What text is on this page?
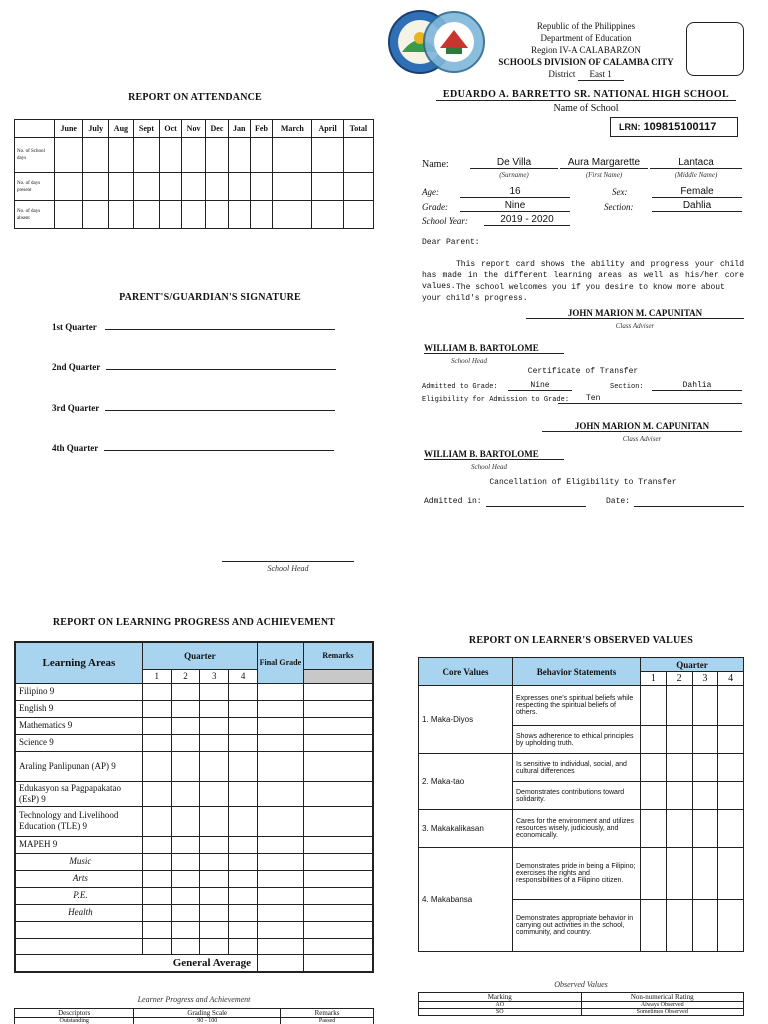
REPORT ON ATTENDANCE
	June	July	Aug	Sept	Oct	Nov	Dec	Jan	Feb	March	April	Total
No. of School days												
No. of days present												
No. of days absent												
PARENT'S/GUARDIAN'S SIGNATURE
1st Quarter
2nd Quarter
3rd Quarter
4th Quarter
School Head
Republic of the Philippines
Department of Education
Region IV-A CALABARZON
SCHOOLS DIVISION OF CALAMBA CITY
District East 1
EDUARDO A. BARRETTO SR. NATIONAL HIGH SCHOOL
Name of School
LRN: 109815100117
Name:	De Villa	Aura Margarette	Lantaca
(Surname)	(First Name)	(Middle Name)
Age:	16	Sex:	Female
Grade:	Nine	Section:	Dahlia
School Year:	2019 - 2020
Dear Parent:
This report card shows the ability and progress your child has made in the different learning areas as well as his/her core values. The school welcomes you if you desire to know more about your child's progress.
JOHN MARION M. CAPUNITAN
Class Adviser
WILLIAM B. BARTOLOME
School Head
Certificate of Transfer
Admitted to Grade:	Nine	Section:	Dahlia
Eligibility for Admission to Grade:	Ten
JOHN MARION M. CAPUNITAN
Class Adviser
WILLIAM B. BARTOLOME
School Head
Cancellation of Eligibility to Transfer
Admitted in:	Date:
REPORT ON LEARNING PROGRESS AND ACHIEVEMENT
Learning Areas	Quarter				Final Grade	Remarks
	1	2	3	4		
Filipino 9						
English 9						
Mathematics 9						
Science 9						
Araling Panlipunan (AP) 9						
Edukasyon sa Pagpapakatao (EsP) 9						
Technology and Livelihood Education (TLE) 9						
MAPEH 9						
Music						
Arts						
P.E.						
Health						

General Average						
Learner Progress and Achievement
Descriptors	Grading Scale	Remarks
Outstanding	90 - 100	Passed
REPORT ON LEARNER'S OBSERVED VALUES
Core Values	Behavior Statements	Quarter			
		1	2	3	4
1. Maka-Diyos	Expresses one's spiritual beliefs while respecting the spiritual beliefs of others.				
	Shows adherence to ethical principles by upholding truth.				
2. Maka-tao	Is sensitive to individual, social, and cultural differences				
	Demonstrates contributions toward solidarity.				
3. Makakalikasan	Cares for the environment and utilizes resources wisely, judiciously, and economically.				
4. Makabansa	Demonstrates pride in being a Filipino; exercises the rights and responsibilities of a Filipino citizen.				
	Demonstrates appropriate behavior in carrying out activities in the school, community, and country.				
Observed Values
Marking	Non-numerical Rating
AO	Always Observed
SO	Sometimes Observed
